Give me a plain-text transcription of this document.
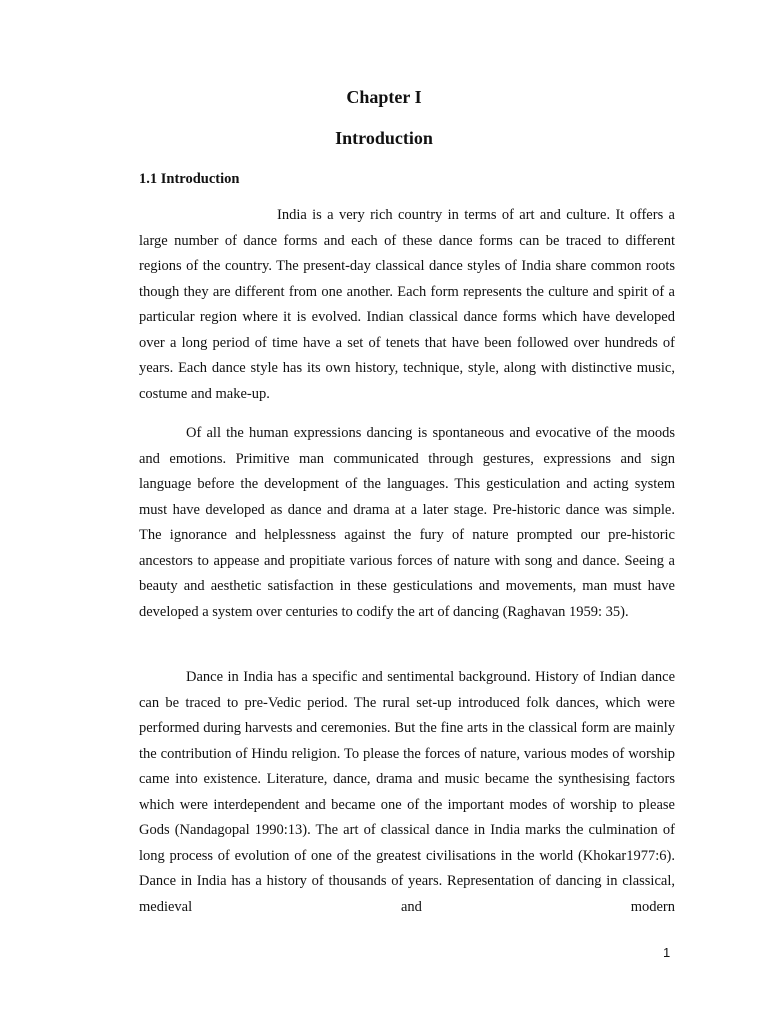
Chapter I
Introduction
1.1 Introduction

India is a very rich country in terms of art and culture. It offers a large number of dance forms and each of these dance forms can be traced to different regions of the country. The present-day classical dance styles of India share common roots though they are different from one another. Each form represents the culture and spirit of a particular region where it is evolved. Indian classical dance forms which have developed over a long period of time have a set of tenets that have been followed over hundreds of years. Each dance style has its own history, technique, style, along with distinctive music, costume and make-up.

Of all the human expressions dancing is spontaneous and evocative of the moods and emotions. Primitive man communicated through gestures, expressions and sign language before the development of the languages. This gesticulation and acting system must have developed as dance and drama at a later stage. Pre-historic dance was simple. The ignorance and helplessness against the fury of nature prompted our pre-historic ancestors to appease and propitiate various forces of nature with song and dance. Seeing a beauty and aesthetic satisfaction in these gesticulations and movements, man must have developed a system over centuries to codify the art of dancing (Raghavan 1959: 35).

Dance in India has a specific and sentimental background. History of Indian dance can be traced to pre-Vedic period. The rural set-up introduced folk dances, which were performed during harvests and ceremonies. But the fine arts in the classical form are mainly the contribution of Hindu religion. To please the forces of nature, various modes of worship came into existence. Literature, dance, drama and music became the synthesising factors which were interdependent and became one of the important modes of worship to please Gods (Nandagopal 1990:13). The art of classical dance in India marks the culmination of long process of evolution of one of the greatest civilisations in the world (Khokar1977:6). Dance in India has a history of thousands of years. Representation of dancing in classical, medieval and modern

1
